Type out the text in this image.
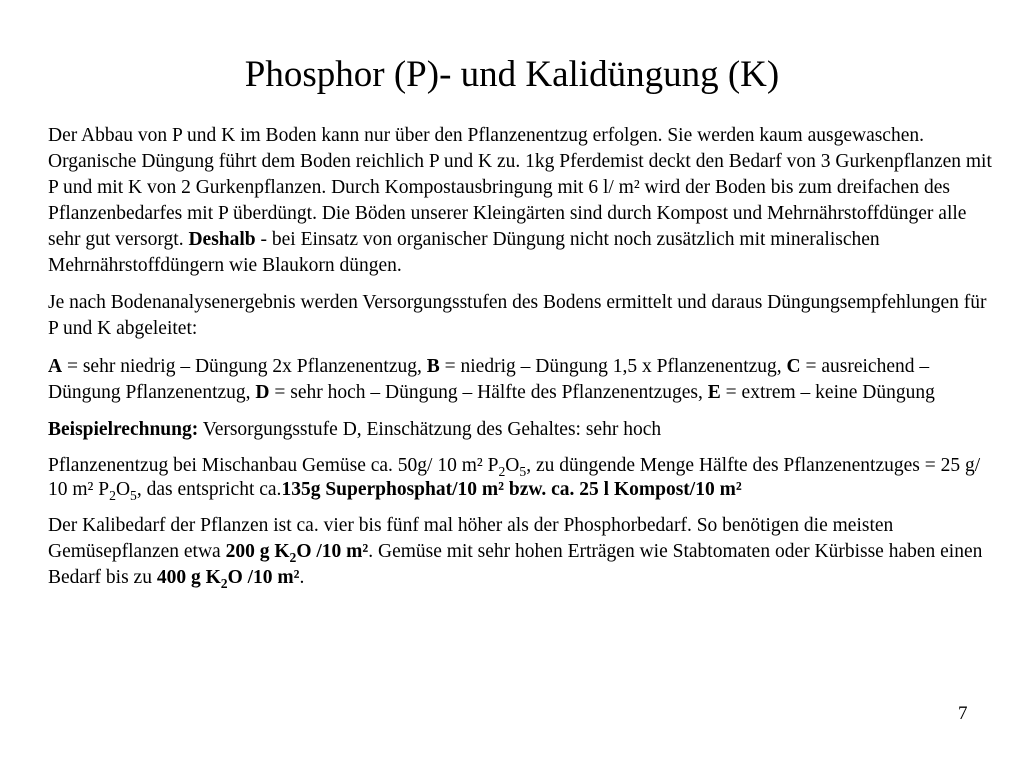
Phosphor (P)- und Kalidüngung (K)

Der Abbau von P und K im Boden kann nur über den Pflanzenentzug erfolgen. Sie werden kaum ausgewaschen. Organische Düngung führt dem Boden reichlich P und K zu. 1kg Pferdemist deckt den Bedarf von 3 Gurkenpflanzen mit P und mit K von 2 Gurkenpflanzen. Durch Kompostausbringung mit 6 l/ m² wird der Boden bis zum dreifachen des Pflanzenbedarfes mit P überdüngt. Die Böden unserer Kleingärten sind durch Kompost und Mehrnährstoffdünger alle sehr gut versorgt. Deshalb - bei Einsatz von organischer Düngung nicht noch zusätzlich mit mineralischen Mehrnährstoffdüngern wie Blaukorn düngen.

Je nach Bodenanalysenergebnis werden Versorgungsstufen des Bodens ermittelt und daraus Düngungsempfehlungen für P und K abgeleitet:

A = sehr niedrig – Düngung 2x Pflanzenentzug, B = niedrig – Düngung 1,5 x Pflanzenentzug, C = ausreichend – Düngung Pflanzenentzug, D = sehr hoch – Düngung – Hälfte des Pflanzenentzuges, E = extrem – keine Düngung

Beispielrechnung: Versorgungsstufe D, Einschätzung des Gehaltes: sehr hoch

Pflanzenentzug bei Mischanbau Gemüse ca. 50g/ 10 m² $P_2O_5$, zu düngende Menge Hälfte des Pflanzenentzuges = 25 g/ 10 m² $P_2O_5$, das entspricht ca.135g Superphosphat/10 m² bzw. ca. 25 l Kompost/10 m²

Der Kalibedarf der Pflanzen ist ca. vier bis fünf mal höher als der Phosphorbedarf. So benötigen die meisten Gemüsepflanzen etwa 200 g $K_2O$ /10 m². Gemüse mit sehr hohen Erträgen wie Stabtomaten oder Kürbisse haben einen Bedarf bis zu 400 g $K_2O$ /10 m².

7
